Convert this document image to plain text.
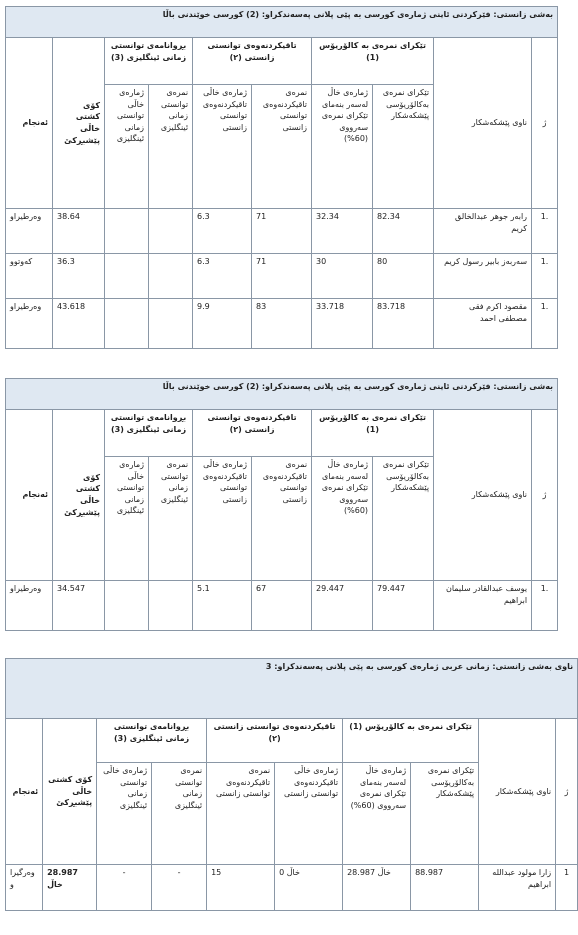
بەشی زانستی: فێرکردنی ئاینی ژمارەی کورسی بە پێی پلانی پەسەندکراو: (2) کورسی خوێندنی باڵا									
ژ	ناوی پێشکەشکار	تێکرای نمرەی بە کالۆریۆس (1)		تاقیکردنەوەی توانستی زانستی (٢)		بڕوانامەی توانستی زمانی ئینگلیزی (3)		کۆی کشتی خاڵی پێشبڕکێ	ئەنجام
		تێکرای نمرەی بەکالۆریۆسی پێشکەشکار	ژمارەی خاڵ لەسەر بنەمای تێکرای نمرەی سەرووی (60%)	نمرەی تاقیکردنەوەی توانستی زانستی	ژمارەی خاڵی تاقیکردنەوەی توانستی زانستی	نمرەی توانستی زمانی ئینگلیزی	ژمارەی خاڵی توانستی زمانی ئینگلیزی		
1.	رابەر جوهر عبدالخالق کریم	82.34	32.34	71	6.3			38.64	وەرطیراو
1.	سەربەز بابیر رسول کریم	80	30	71	6.3			36.3	کەوتوو
1.	مقصود اکرم فقی مصطفی احمد	83.718	33.718	83	9.9			43.618	وەرطیراو
بەشی زانستی: فێرکردنی ئاینی ژمارەی کورسی بە پێی پلانی پەسەندکراو: (2) کورسی خوێندنی باڵا									
ژ	ناوی پێشکەشکار	تێکرای نمرەی بە کالۆریۆس (1)		تاقیکردنەوەی توانستی زانستی (٢)		بڕوانامەی توانستی زمانی ئینگلیزی (3)		کۆی کشتی خاڵی پێشبڕکێ	ئەنجام
		تێکرای نمرەی بەکالۆریۆسی پێشکەشکار	ژمارەی خاڵ لەسەر بنەمای تێکرای نمرەی سەرووی (60%)	نمرەی تاقیکردنەوەی توانستی زانستی	ژمارەی خاڵی تاقیکردنەوەی توانستی زانستی	نمرەی توانستی زمانی ئینگلیزی	ژمارەی خاڵی توانستی زمانی ئینگلیزی		
1.	یوسف عبدالقادر سلیمان ابراهیم	79.447	29.447	67	5.1			34.547	وەرطیراو
ناوی بەشی زانستی: زمانی عربی ژمارەی کورسی بە پێی پلانی پەسەندکراو: 3									
ژ	ناوی پێشکەشکار	تێکرای نمرەی بە کالۆریۆس (1)		تاقیکردنەوەی توانستی زانستی (٢)		بڕوانامەی توانستی زمانی ئینگلیزی (3)		کۆی کشتی خاڵی پێشبڕکێ	ئەنجام
		تێکرای نمرەی بەکالۆریۆسی پێشکەشکار	ژمارەی خاڵ لەسەر بنەمای تێکرای نمرەی سەرووی (60%)	ژمارەی خاڵی تاقیکردنەوەی توانستی زانستی	نمرەی تاقیکردنەوەی توانستی زانستی	نمرەی توانستی زمانی ئینگلیزی	ژمارەی خاڵی توانستی زمانی ئینگلیزی		
1	زارا مولود عبدالله ابراهیم	88.987	28.987 خاڵ	0 خاڵ	15	-	-	28.987 خاڵ	وەرگیراو
